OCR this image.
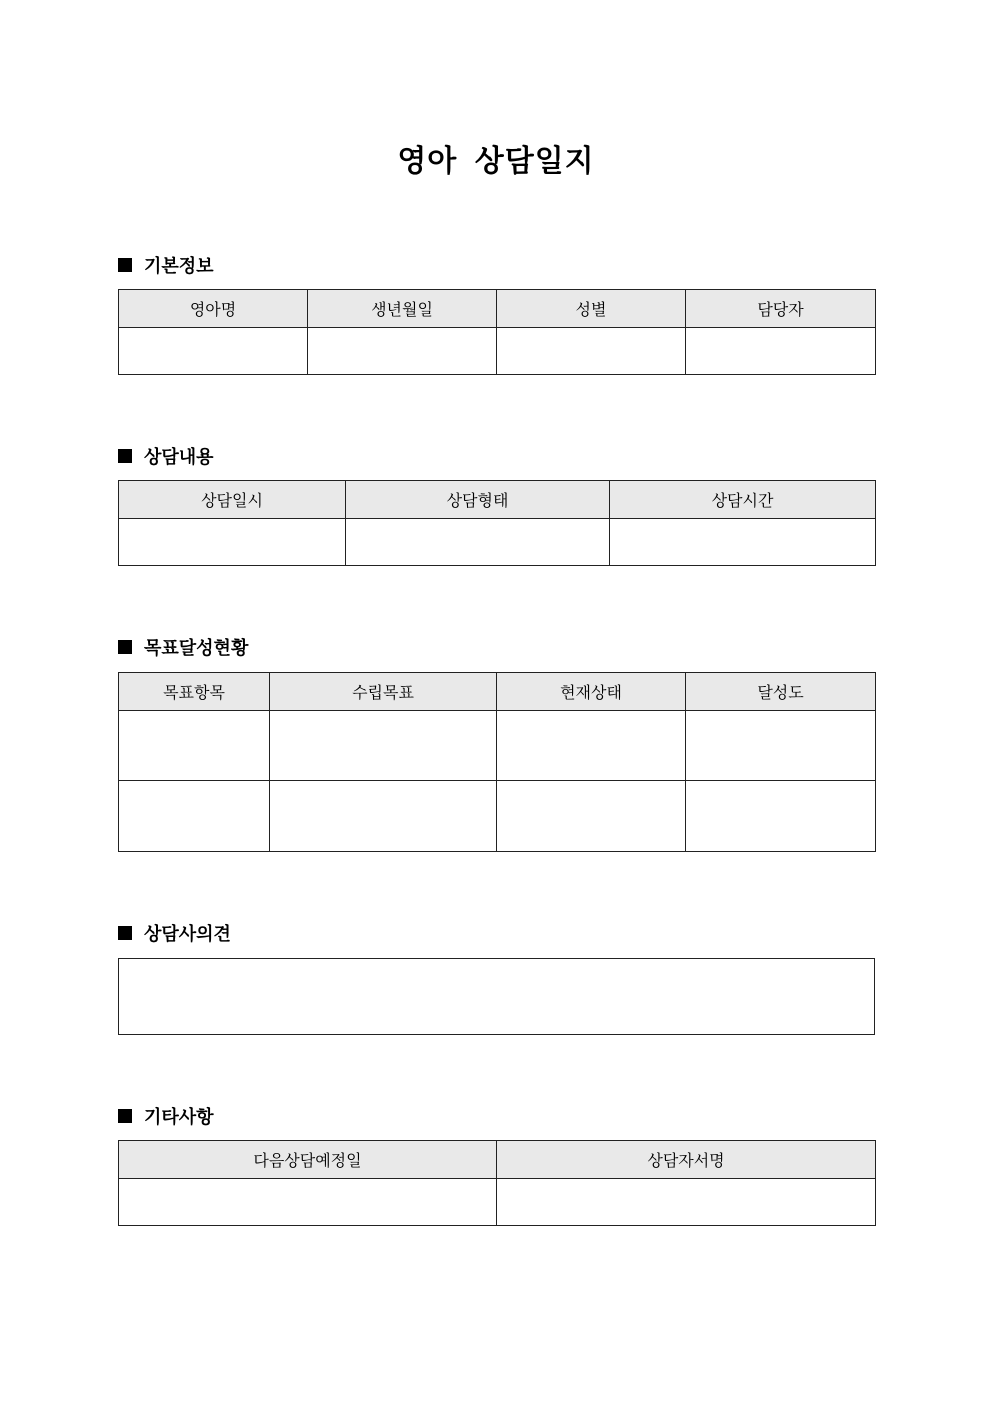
영아 상담일지
기본정보
영아명	생년월일	성별	담당자

상담내용
상담일시	상담형태	상담시간

목표달성현황
목표항목	수립목표	현재상태	달성도

상담사의견
기타사항
다음상담예정일	상담자서명
